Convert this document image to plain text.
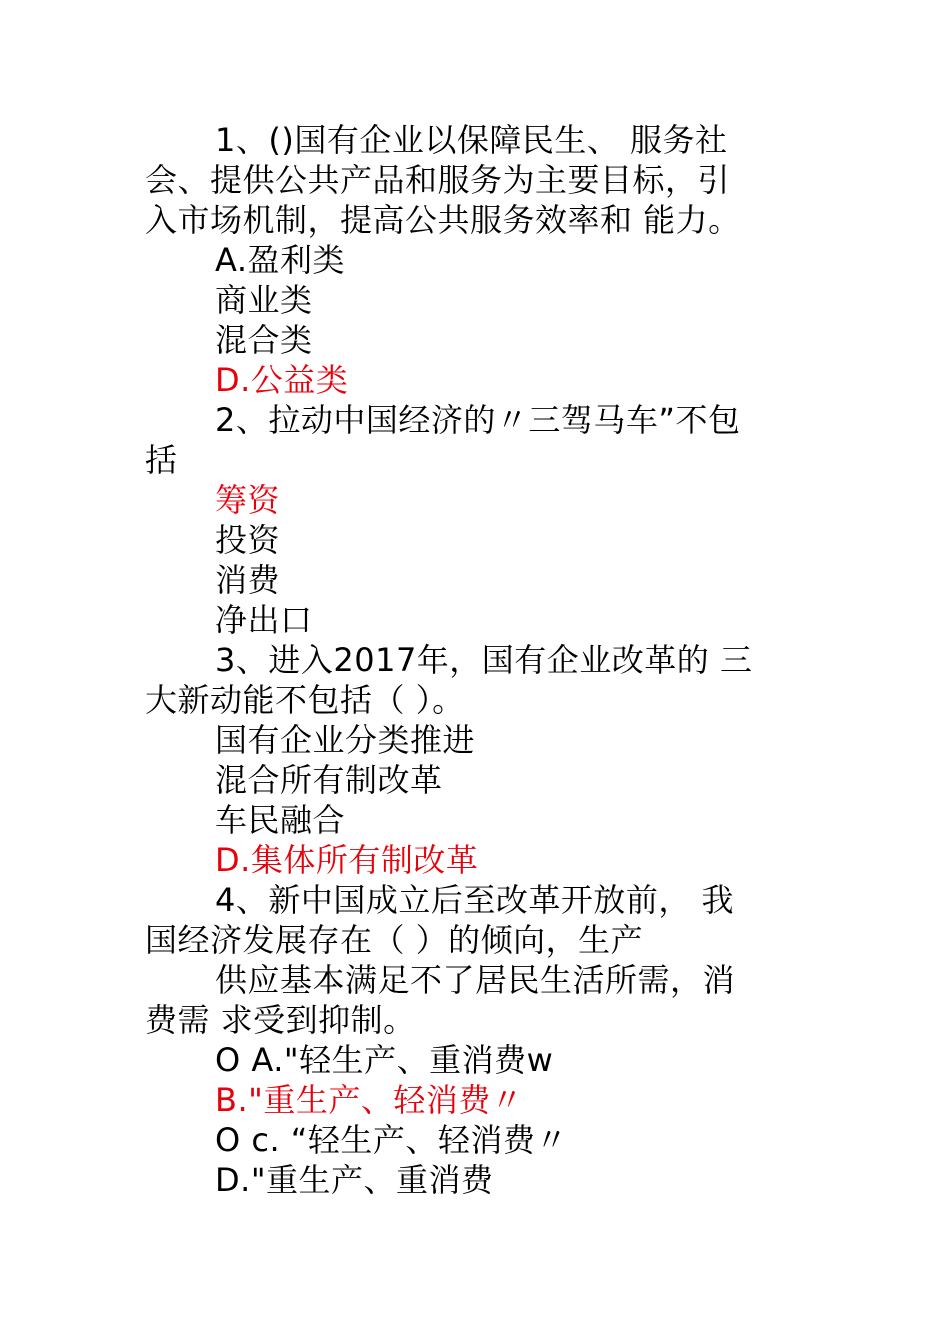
1、()国有企业以保障民生、 服务社
会、提供公共产品和服务为主要目标，引
入市场机制，提高公共服务效率和 能力。
A.盈利类
商业类
混合类
D.公益类
2、拉动中国经济的〃三驾马车”不包
括
筹资
投资
消费
净出口
3、进入2017年，国有企业改革的 三
大新动能不包括（ ）。
国有企业分类推进
混合所有制改革
车民融合
D.集体所有制改革
4、新中国成立后至改革开放前， 我
国经济发展存在（ ）的倾向，生产
供应基本满足不了居民生活所需，消
费需 求受到抑制。
O A."轻生产、重消费w
B."重生产、轻消费〃
O c. “轻生产、轻消费〃
D."重生产、重消费
